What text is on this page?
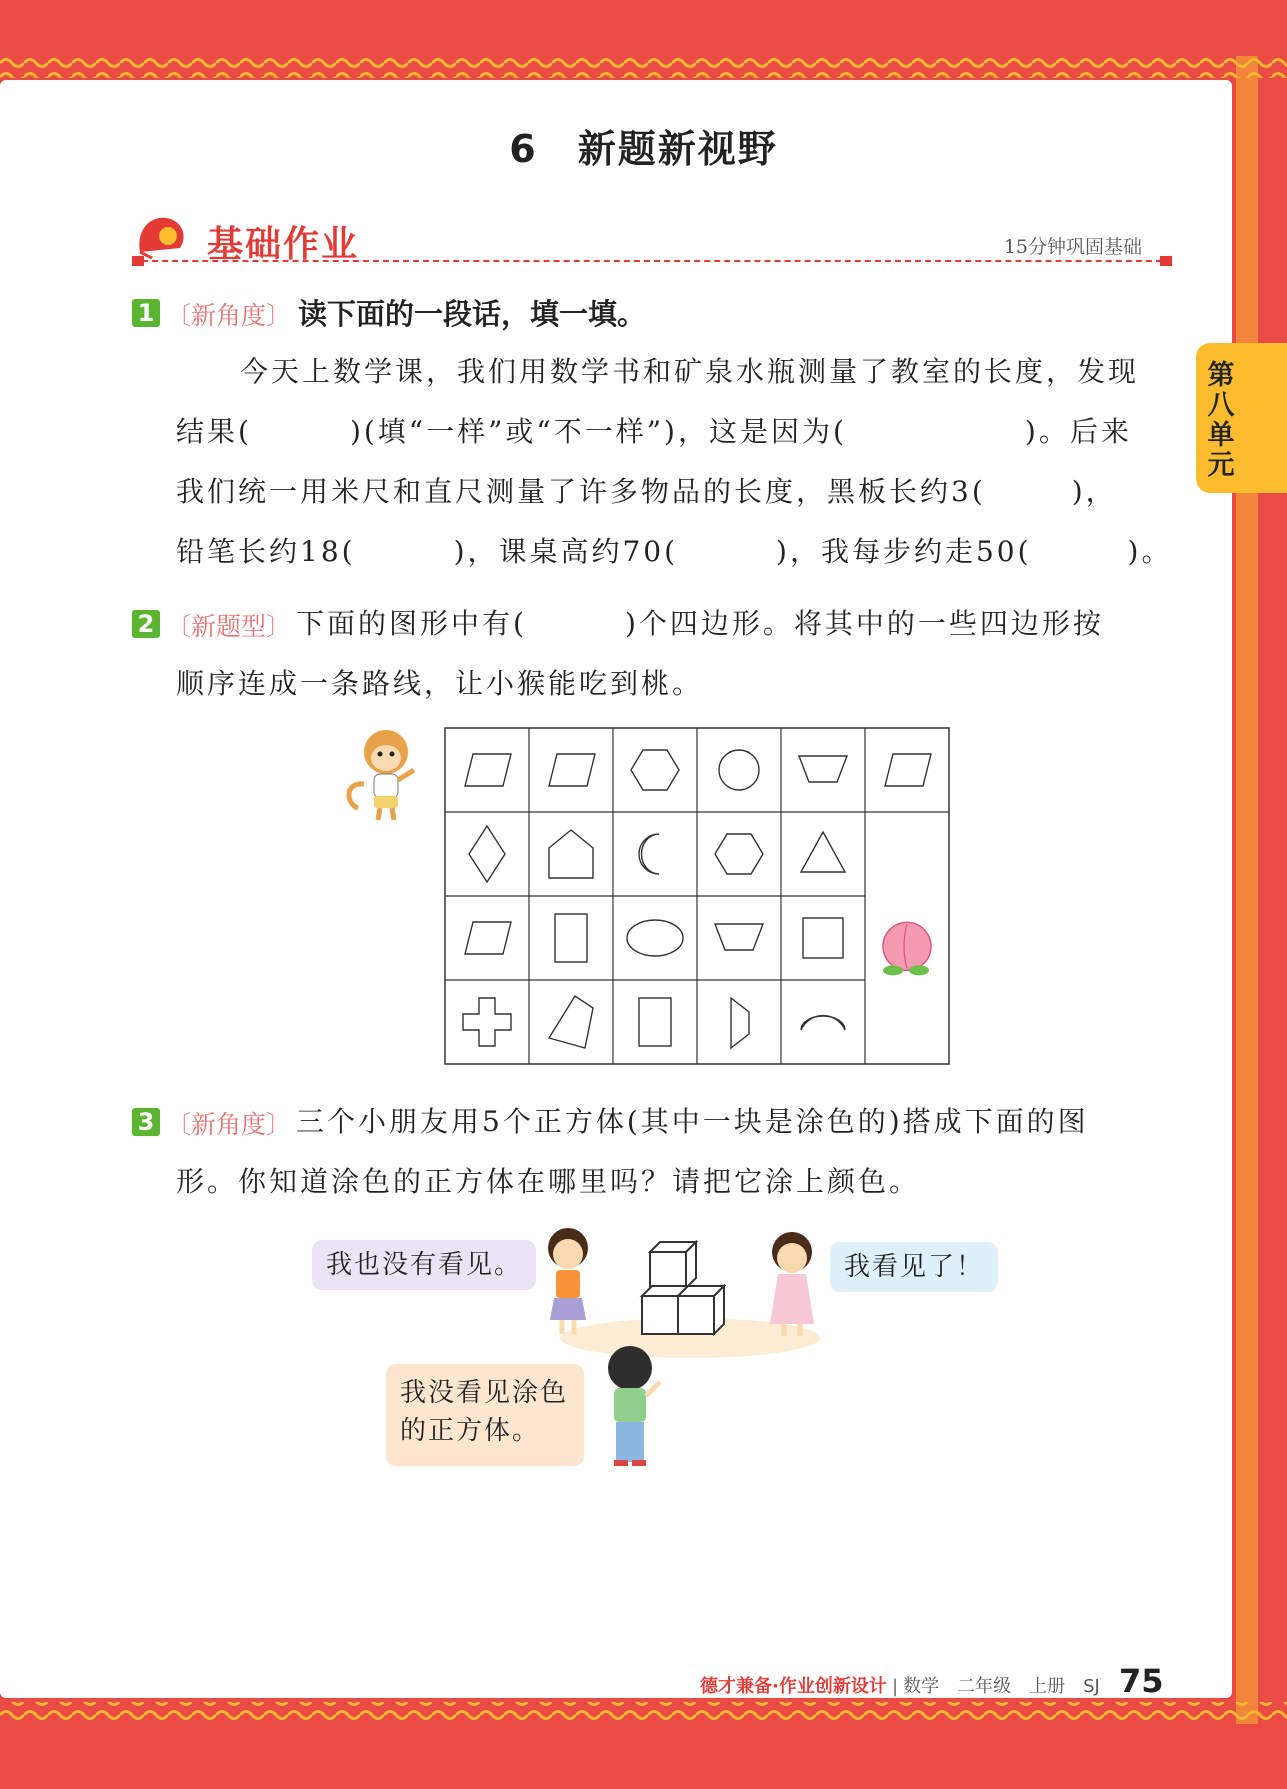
6　新题新视野
基础作业	15分钟巩固基础
第八单元
1 〔新角度〕 读下面的一段话，填一填。
今天上数学课，我们用数学书和矿泉水瓶测量了教室的长度，发现
结果(	)(填“一样”或“不一样”)，这是因为(	)。后来
我们统一用米尺和直尺测量了许多物品的长度，黑板长约3(	)，
铅笔长约18(	)，课桌高约70(	)，我每步约走50(	)。
2 〔新题型〕 下面的图形中有(	)个四边形。将其中的一些四边形按
顺序连成一条路线，让小猴能吃到桃。
3 〔新角度〕 三个小朋友用5个正方体(其中一块是涂色的)搭成下面的图
形。你知道涂色的正方体在哪里吗？请把它涂上颜色。
我也没有看见。	我看见了！
我没看见涂色
的正方体。
德才兼备·作业创新设计 | 数学　二年级　上册　SJ 75
